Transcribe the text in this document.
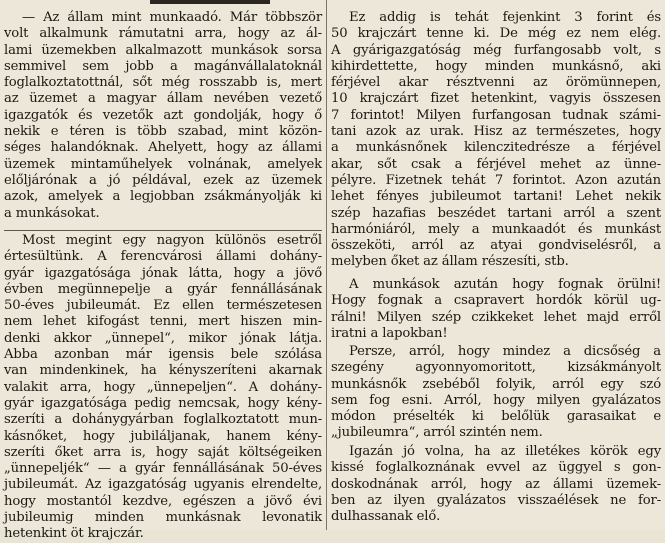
— Az állam mint munkaadó. Már többször
volt alkalmunk rámutatni arra, hogy az ál-
lami üzemekben alkalmazott munkások sorsa
semmivel sem jobb a magánvállalatoknál
foglalkoztatottnál, sőt még rosszabb is, mert
az üzemet a magyar állam nevében vezető
igazgatók és vezetők azt gondolják, hogy ő
nekik e téren is több szabad, mint közön-
séges halandóknak. Ahelyett, hogy az állami
üzemek mintaműhelyek volnának, amelyek
előljárónak a jó példával, ezek az üzemek
azok, amelyek a legjobban zsákmányolják ki
a munkásokat.
Most megint egy nagyon különös esetről
értesültünk. A ferencvárosi állami dohány-
gyár igazgatósága jónak látta, hogy a jövő
évben megünnepelje a gyár fennállásának
50-éves jubileumát. Ez ellen természetesen
nem lehet kifogást tenni, mert hiszen min-
denki akkor „ünnepel“, mikor jónak látja.
Abba azonban már igensis bele szólása
van mindenkinek, ha kényszeríteni akarnak
valakit arra, hogy „ünnepeljen“. A dohány-
gyár igazgatósága pedig nemcsak, hogy kény-
szeríti a dohánygyárban foglalkoztatott mun-
kásnőket, hogy jubiláljanak, hanem kény-
szeríti őket arra is, hogy saját költségeiken
„ünnepeljék“ — a gyár fennállásának 50-éves
jubileumát. Az igazgatóság ugyanis elrendelte,
hogy mostantól kezdve, egészen a jövő évi
jubileumig minden munkásnak levonatik
hetenkint öt krajczár.
Ez addig is tehát fejenkint 3 forint és
50 krajczárt tenne ki. De még ez nem elég.
A gyárigazgatóság még furfangosabb volt, s
kihirdettette, hogy minden munkásnő, aki
férjével akar résztvenni az örömünnepen,
10 krajczárt fizet hetenkint, vagyis összesen
7 forintot! Milyen furfangosan tudnak számi-
tani azok az urak. Hisz az természetes, hogy
a munkásnőnek kilenczitedrésze a férjével
akar, sőt csak a férjével mehet az ünne-
pélyre. Fizetnek tehát 7 forintot. Azon azután
lehet fényes jubileumot tartani! Lehet nekik
szép hazafias beszédet tartani arról a szent
harmóniáról, mely a munkaadót és munkást
összeköti, arról az atyai gondviselésről, a
melyben őket az állam részesíti, stb.
A munkások azután hogy fognak örülni!
Hogy fognak a csapravert hordók körül ug-
rálni! Milyen szép czikkeket lehet majd erről
iratni a lapokban!
Persze, arról, hogy mindez a dicsőség a
szegény agyonnyomoritott, kizsákmányolt
munkásnők zsebéből folyik, arról egy szó
sem fog esni. Arról, hogy milyen gyalázatos
módon préselték ki belőlük garasaikat e
„jubileumra“, arról szintén nem.
Igazán jó volna, ha az illetékes körök egy
kissé foglalkoznának evvel az üggyel s gon-
doskodnának arról, hogy az állami üzemek-
ben az ilyen gyalázatos visszaélések ne for-
dulhassanak elő.
